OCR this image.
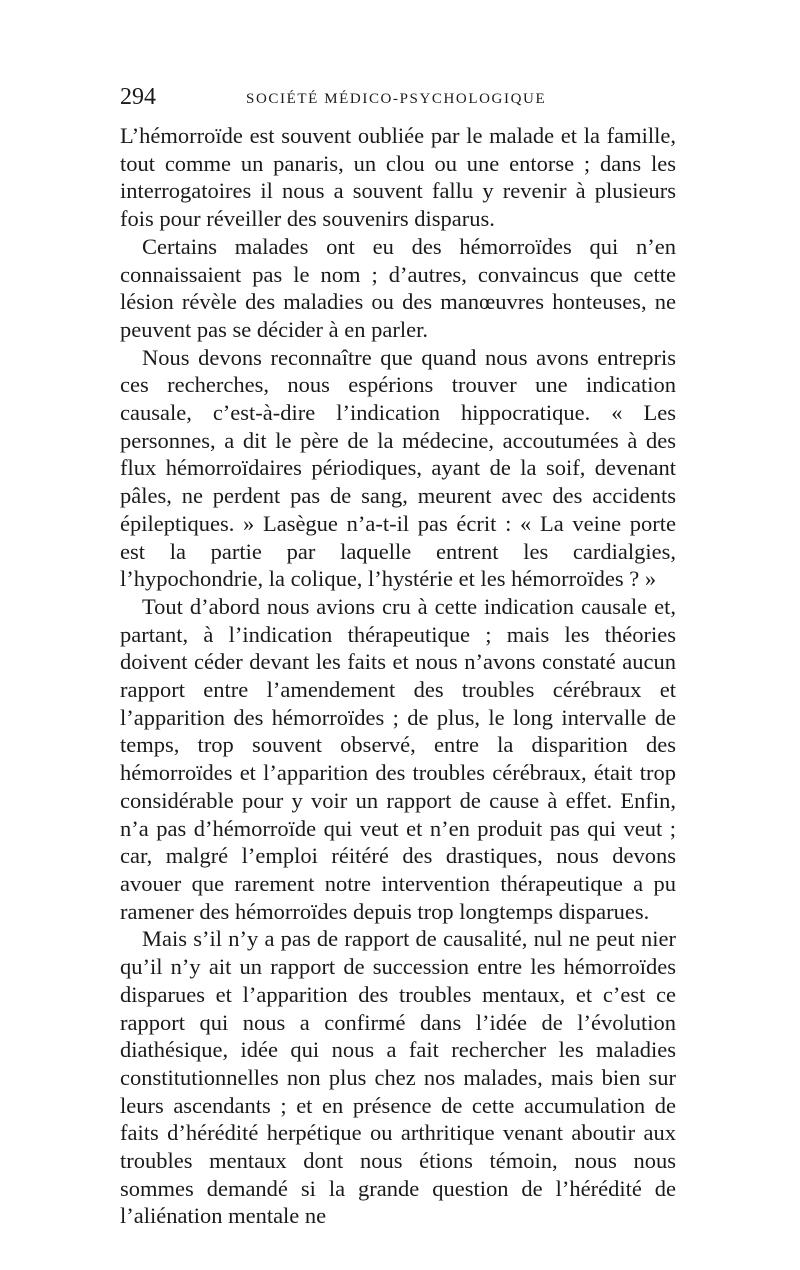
294	SOCIÉTÉ MÉDICO-PSYCHOLOGIQUE

L’hémorroïde est souvent oubliée par le malade et la famille, tout comme un panaris, un clou ou une entorse ; dans les interrogatoires il nous a souvent fallu y revenir à plusieurs fois pour réveiller des souvenirs disparus.

Certains malades ont eu des hémorroïdes qui n’en connaissaient pas le nom ; d’autres, convaincus que cette lésion révèle des maladies ou des manœuvres honteuses, ne peuvent pas se décider à en parler.

Nous devons reconnaître que quand nous avons entrepris ces recherches, nous espérions trouver une indication causale, c’est-à-dire l’indication hippocratique. « Les personnes, a dit le père de la médecine, accoutumées à des flux hémorroïdaires périodiques, ayant de la soif, devenant pâles, ne perdent pas de sang, meurent avec des accidents épileptiques. » Lasègue n’a-t-il pas écrit : « La veine porte est la partie par laquelle entrent les cardialgies, l’hypochondrie, la colique, l’hystérie et les hémorroïdes ? »

Tout d’abord nous avions cru à cette indication causale et, partant, à l’indication thérapeutique ; mais les théories doivent céder devant les faits et nous n’avons constaté aucun rapport entre l’amendement des troubles cérébraux et l’apparition des hémorroïdes ; de plus, le long intervalle de temps, trop souvent observé, entre la disparition des hémorroïdes et l’apparition des troubles cérébraux, était trop considérable pour y voir un rapport de cause à effet. Enfin, n’a pas d’hémorroïde qui veut et n’en produit pas qui veut ; car, malgré l’emploi réitéré des drastiques, nous devons avouer que rarement notre intervention thérapeutique a pu ramener des hémorroïdes depuis trop longtemps disparues.

Mais s’il n’y a pas de rapport de causalité, nul ne peut nier qu’il n’y ait un rapport de succession entre les hémorroïdes disparues et l’apparition des troubles mentaux, et c’est ce rapport qui nous a confirmé dans l’idée de l’évolution diathésique, idée qui nous a fait rechercher les maladies constitutionnelles non plus chez nos malades, mais bien sur leurs ascendants ; et en présence de cette accumulation de faits d’hérédité herpétique ou arthritique venant aboutir aux troubles mentaux dont nous étions témoin, nous nous sommes demandé si la grande question de l’hérédité de l’aliénation mentale ne
